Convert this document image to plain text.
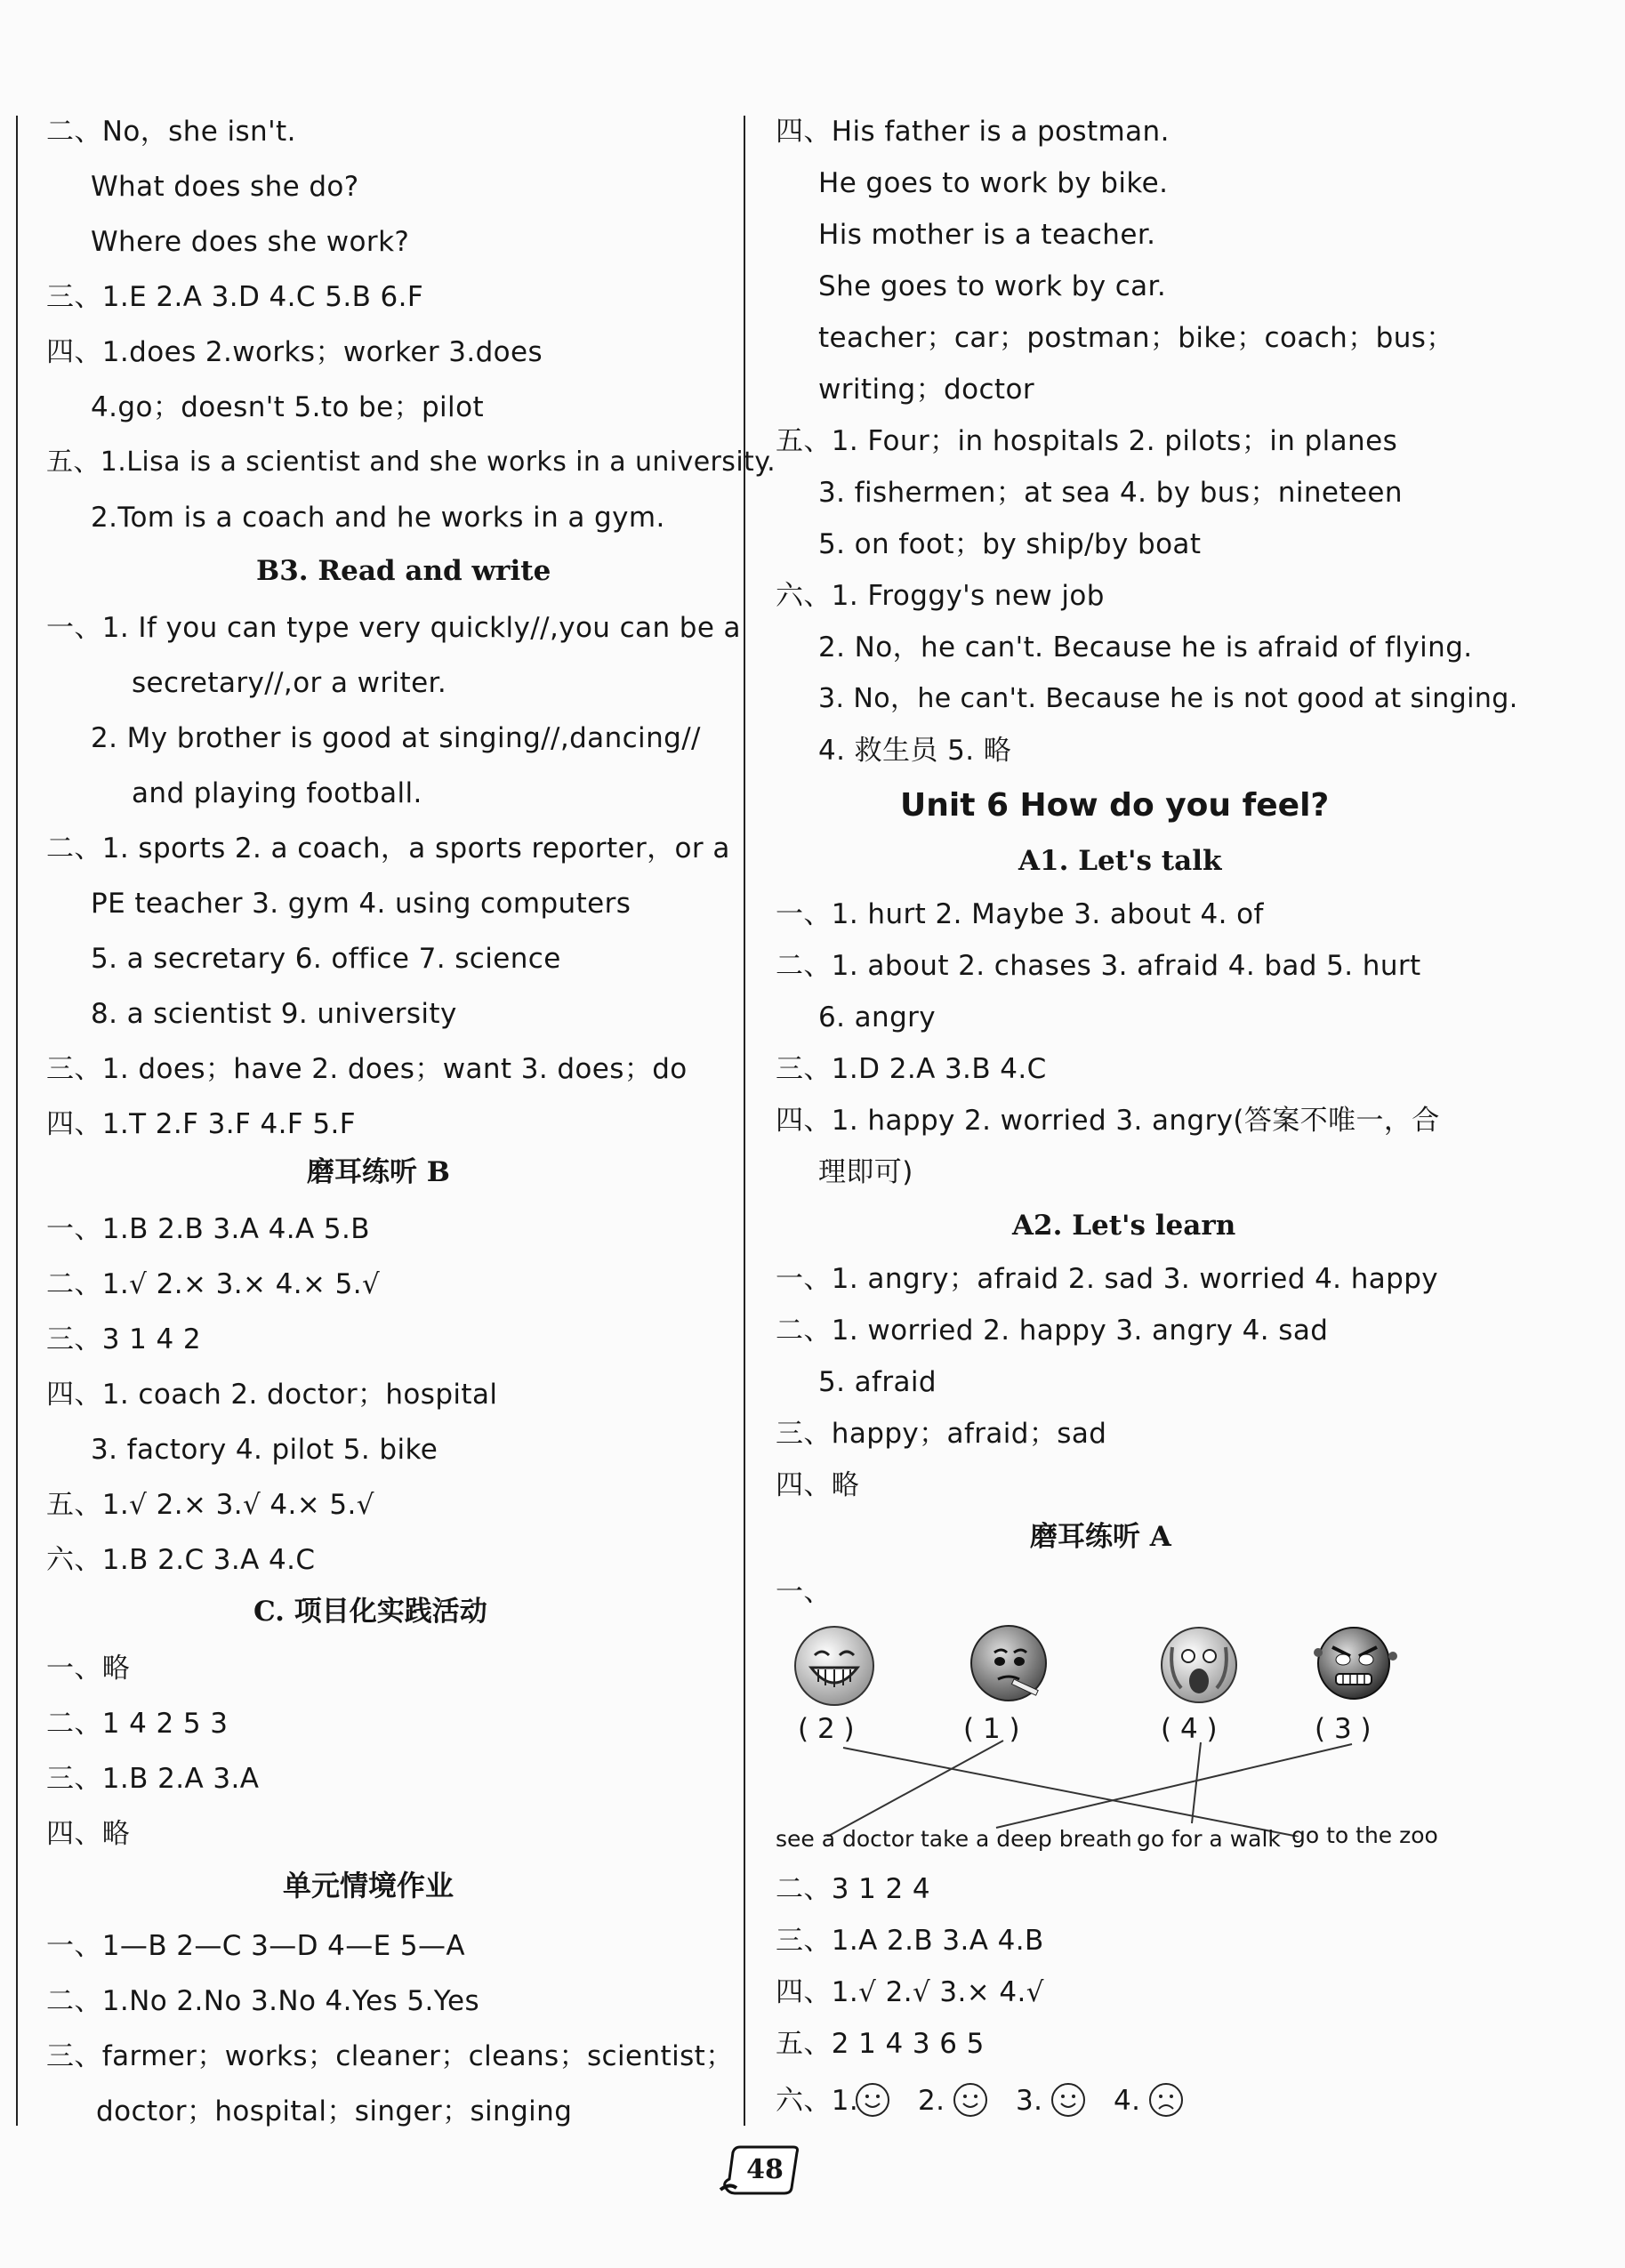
二、No，she isn't.
What does she do?
Where does she work?
三、1.E 2.A 3.D 4.C 5.B 6.F
四、1.does 2.works；worker 3.does
4.go；doesn't 5.to be；pilot
五、1.Lisa is a scientist and she works in a university.
2.Tom is a coach and he works in a gym.
B3. Read and write
一、1. If you can type very quickly//,you can be a
secretary//,or a writer.
2. My brother is good at singing//,dancing//
and playing football.
二、1. sports 2. a coach，a sports reporter，or a
PE teacher 3. gym 4. using computers
5. a secretary 6. office 7. science
8. a scientist 9. university
三、1. does；have 2. does；want 3. does；do
四、1.T 2.F 3.F 4.F 5.F
磨耳练听 B
一、1.B 2.B 3.A 4.A 5.B
二、1.√ 2.× 3.× 4.× 5.√
三、3 1 4 2
四、1. coach 2. doctor；hospital
3. factory 4. pilot 5. bike
五、1.√ 2.× 3.√ 4.× 5.√
六、1.B 2.C 3.A 4.C
C. 项目化实践活动
一、略
二、1 4 2 5 3
三、1.B 2.A 3.A
四、略
单元情境作业
一、1—B 2—C 3—D 4—E 5—A
二、1.No 2.No 3.No 4.Yes 5.Yes
三、farmer；works；cleaner；cleans；scientist；
doctor；hospital；singer；singing
四、His father is a postman.
He goes to work by bike.
His mother is a teacher.
She goes to work by car.
teacher；car；postman；bike；coach；bus；
writing；doctor
五、1. Four；in hospitals 2. pilots；in planes
3. fishermen；at sea 4. by bus；nineteen
5. on foot；by ship/by boat
六、1. Froggy's new job
2. No，he can't. Because he is afraid of flying.
3. No，he can't. Because he is not good at singing.
4. 救生员 5. 略
Unit 6 How do you feel?
A1. Let's talk
一、1. hurt 2. Maybe 3. about 4. of
二、1. about 2. chases 3. afraid 4. bad 5. hurt
6. angry
三、1.D 2.A 3.B 4.C
四、1. happy 2. worried 3. angry(答案不唯一，合
理即可)
A2. Let's learn
一、1. angry；afraid 2. sad 3. worried 4. happy
二、1. worried 2. happy 3. angry 4. sad
5. afraid
三、happy；afraid；sad
四、略
磨耳练听 A
一、
( 2 )	( 1 )	( 4 )	( 3 )
see a doctor take a deep breath go for a walk go to the zoo
二、3 1 2 4
三、1.A 2.B 3.A 4.B
四、1.√ 2.√ 3.× 4.√
五、2 1 4 3 6 5
六、1. 2.	3.	4.
48
